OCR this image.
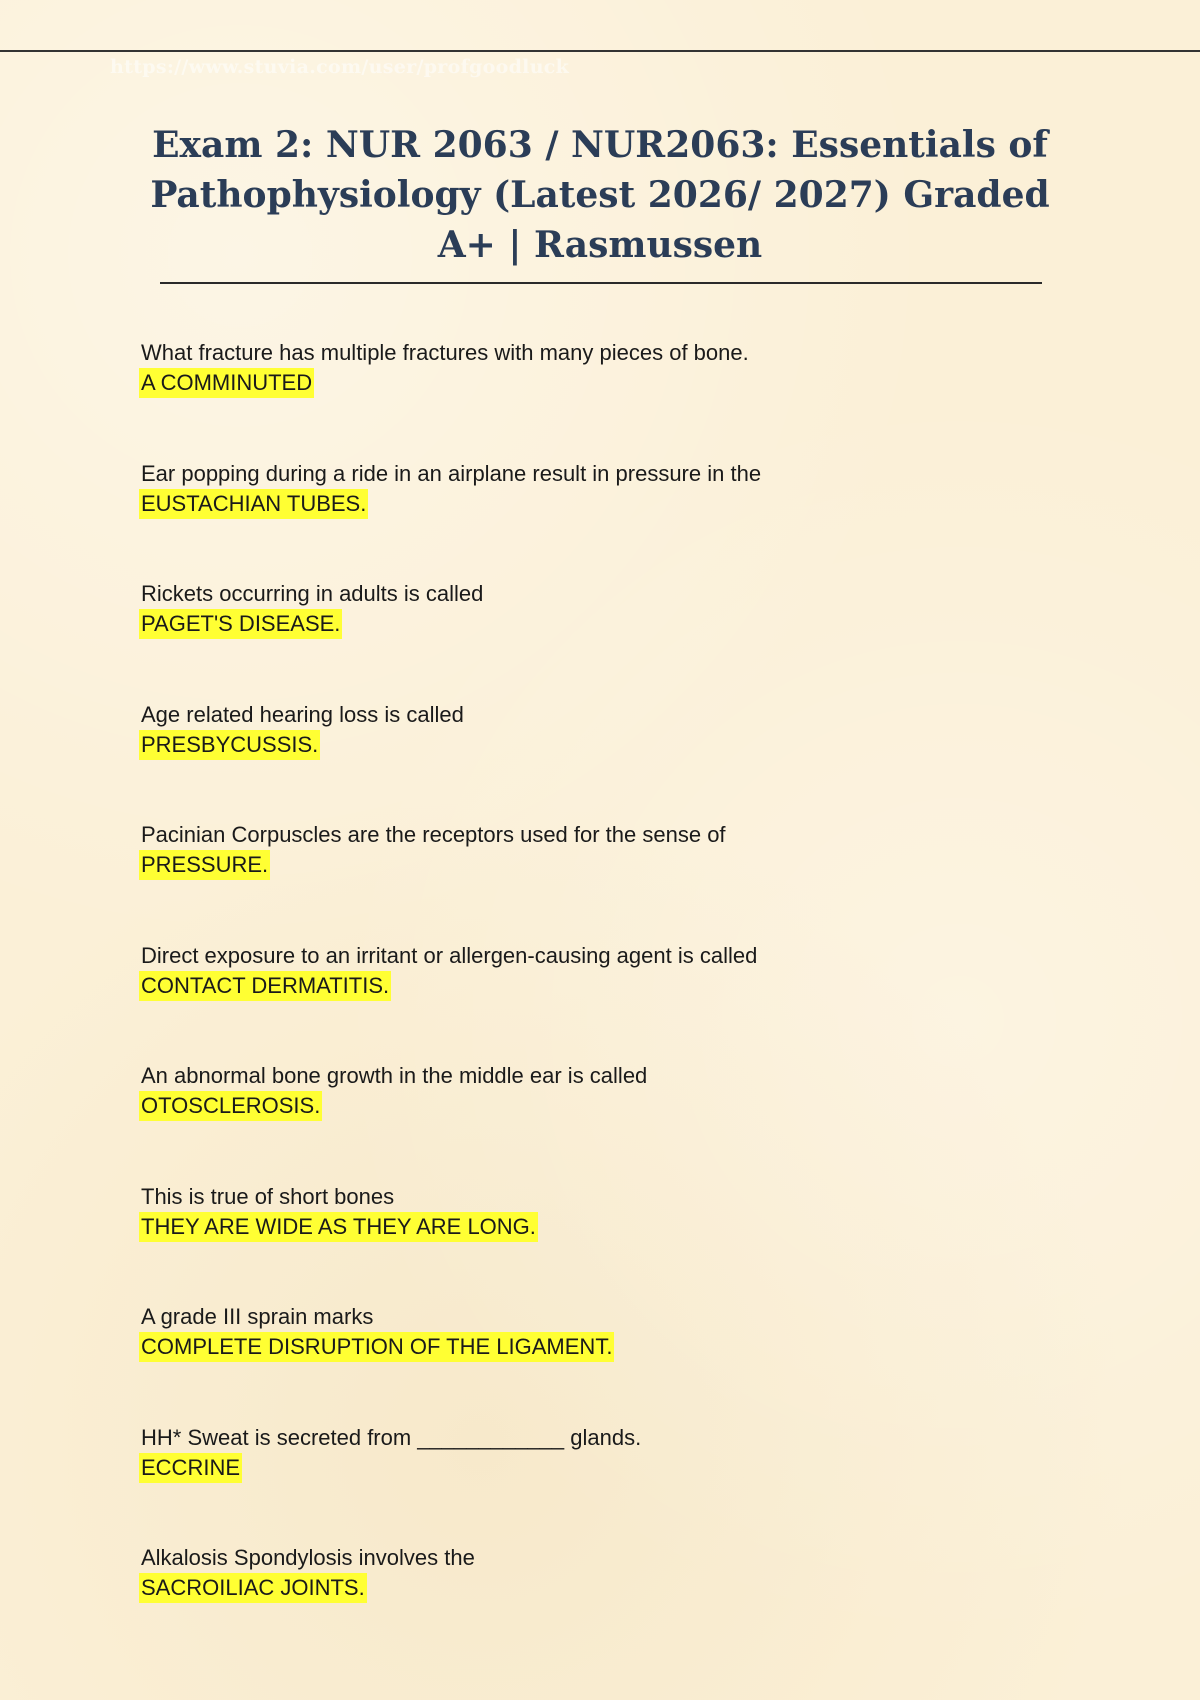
https://www.stuvia.com/user/profgoodluck
Exam 2: NUR 2063 / NUR2063: Essentials of Pathophysiology (Latest 2026/ 2027) Graded A+ | Rasmussen
What fracture has multiple fractures with many pieces of bone.
A COMMINUTED
Ear popping during a ride in an airplane result in pressure in the
EUSTACHIAN TUBES.
Rickets occurring in adults is called
PAGET'S DISEASE.
Age related hearing loss is called
PRESBYCUSSIS.
Pacinian Corpuscles are the receptors used for the sense of
PRESSURE.
Direct exposure to an irritant or allergen-causing agent is called
CONTACT DERMATITIS.
An abnormal bone growth in the middle ear is called
OTOSCLEROSIS.
This is true of short bones
THEY ARE WIDE AS THEY ARE LONG.
A grade III sprain marks
COMPLETE DISRUPTION OF THE LIGAMENT.
HH* Sweat is secreted from ____________ glands.
ECCRINE
Alkalosis Spondylosis involves the
SACROILIAC JOINTS.
